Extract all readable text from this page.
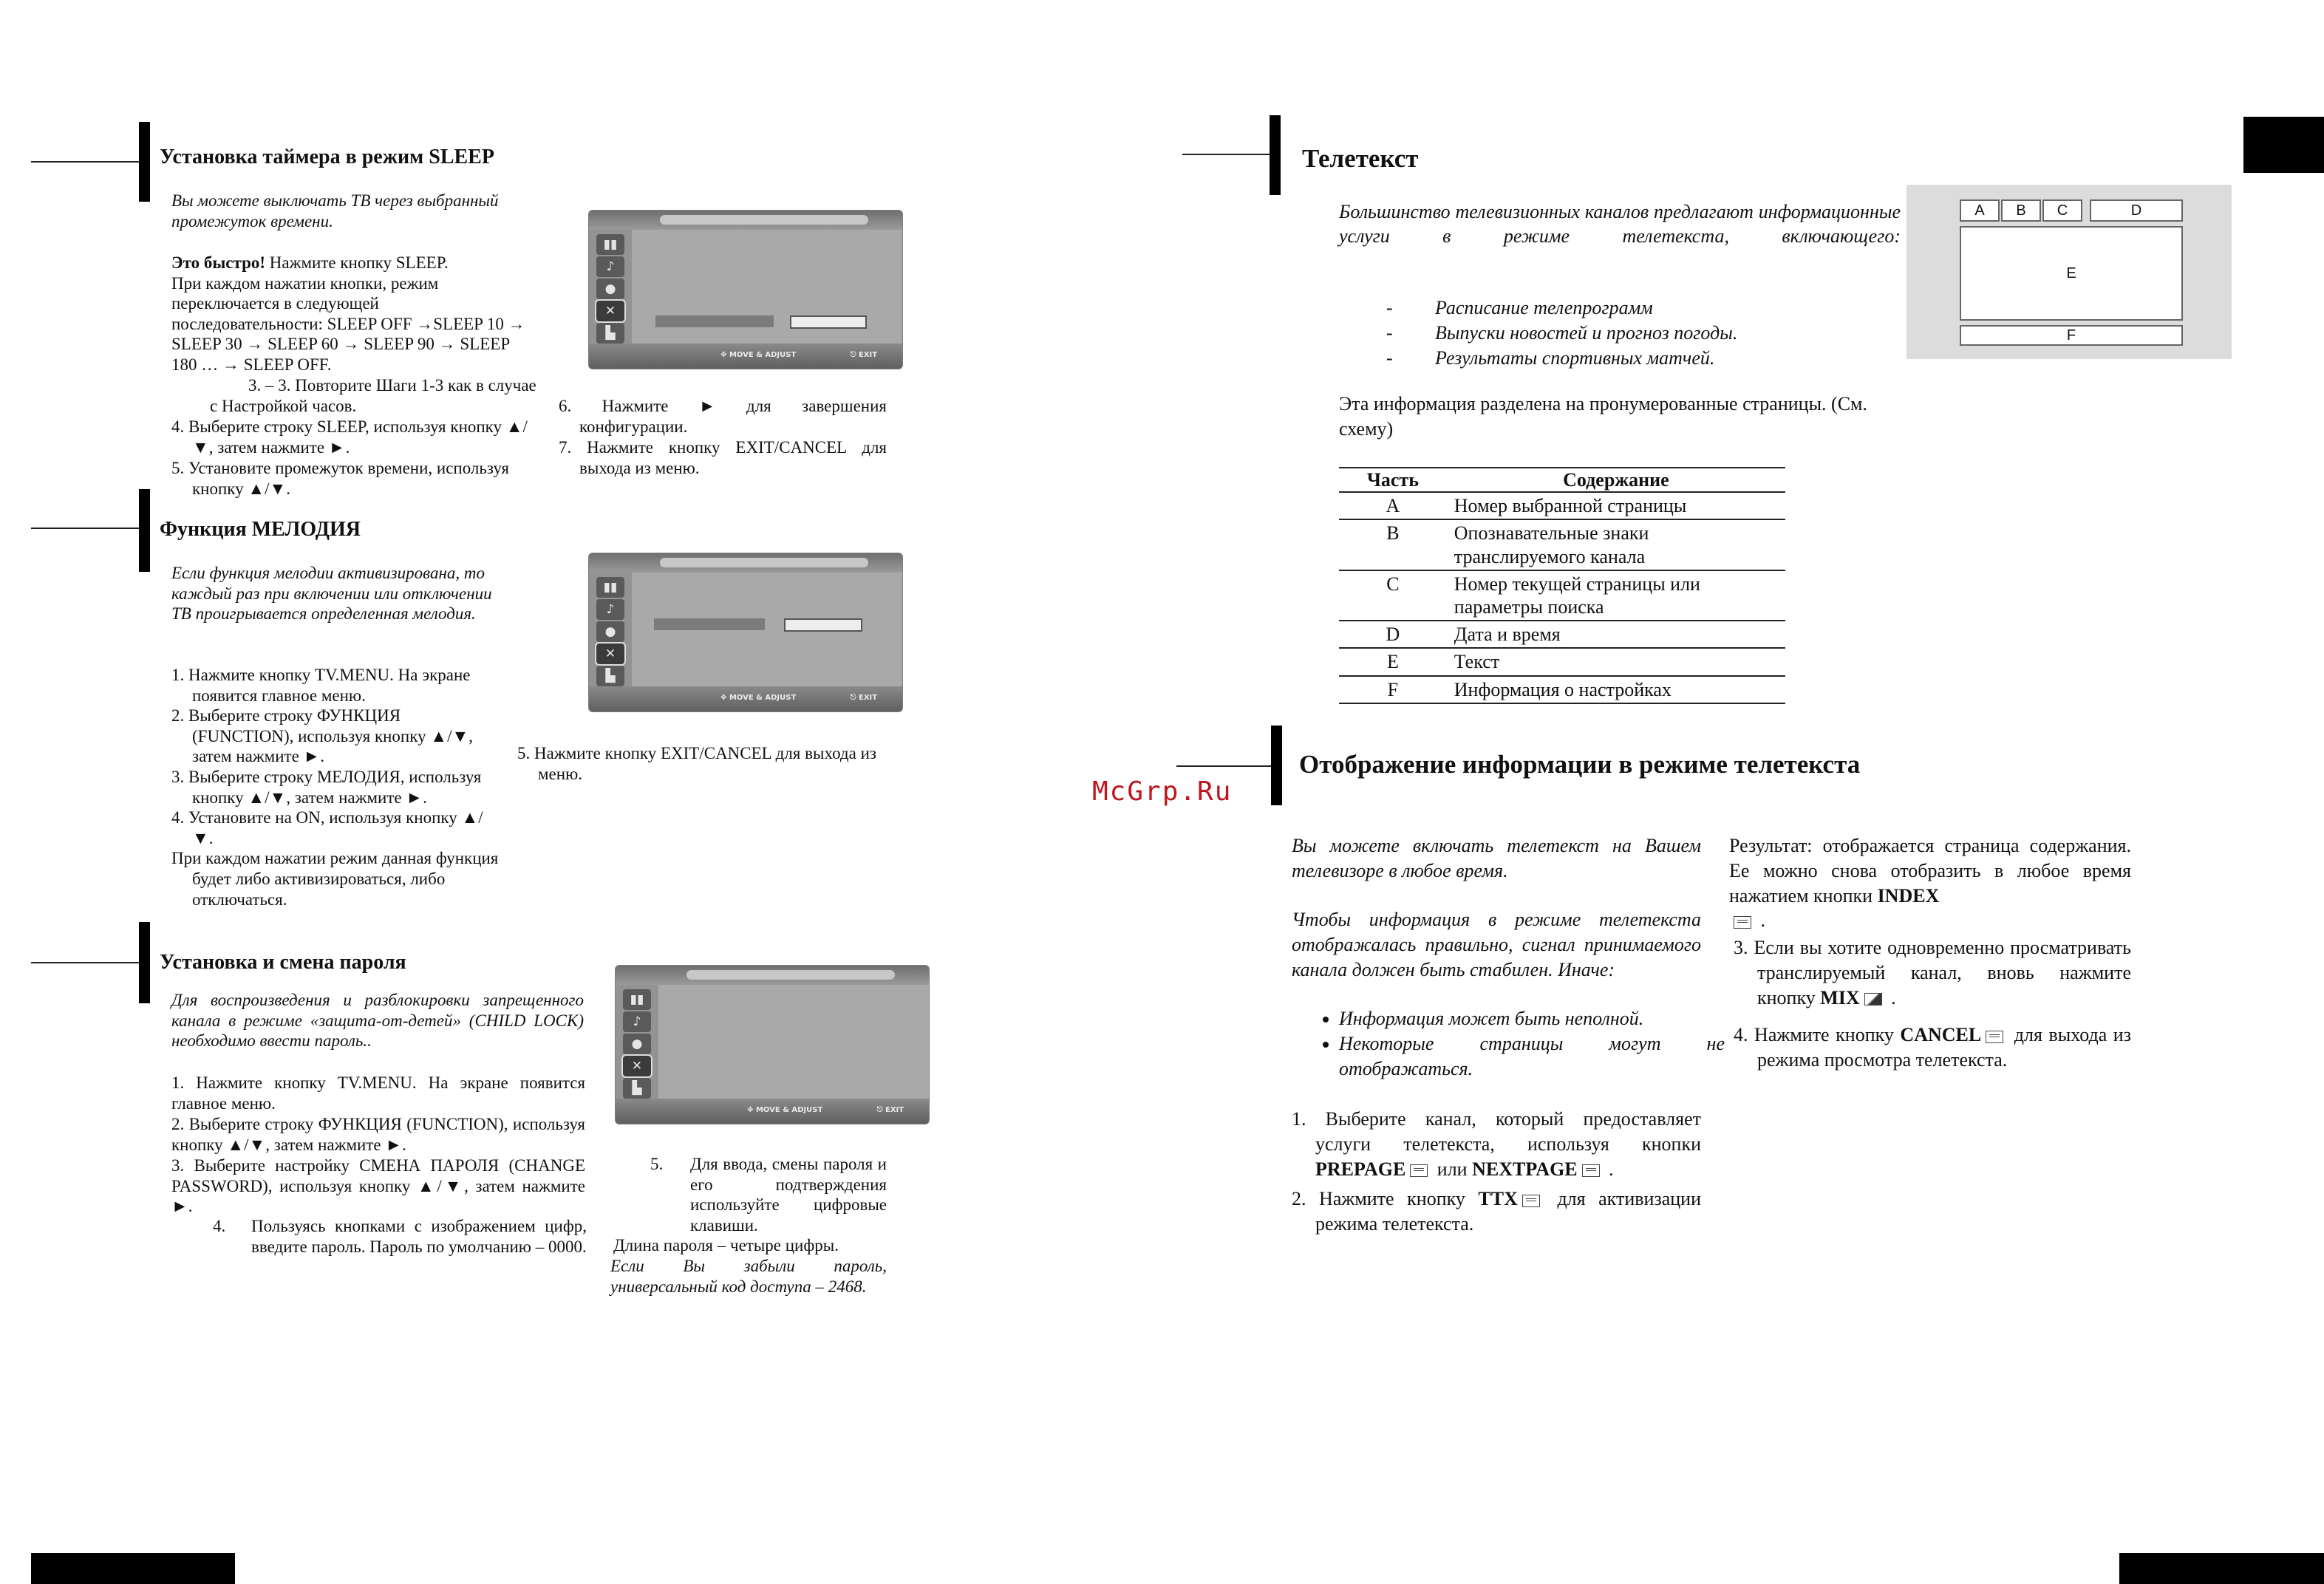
Установка таймера в режим SLEEP
Вы можете выключать ТВ через выбранный промежуток времени.
Это быстро! Нажмите кнопку SLEEP.
При каждом нажатии кнопки, режим переключается в следующей последовательности: SLEEP OFF →SLEEP 10 → SLEEP 30 → SLEEP 60 → SLEEP 90 → SLEEP 180 … → SLEEP OFF.
3. – 3. Повторите Шаги 1-3 как в случае с Настройкой часов.
4. Выберите строку SLEEP, используя кнопку ▲/▼, затем нажмите ►.
5. Установите промежуток времени, используя кнопку ▲/▼.
6. Нажмите ► для завершения конфигурации.
7. Нажмите кнопку EXIT/CANCEL для выхода из меню.
▮▮
♪
●
✕
▙
✥ MOVE & ADJUST	⎋ EXIT
Функция МЕЛОДИЯ
Если функция мелодии активизирована, то каждый раз при включении или отключении ТВ проигрывается определенная мелодия.
1. Нажмите кнопку TV.MENU. На экране появится главное меню.
2. Выберите строку ФУНКЦИЯ (FUNCTION), используя кнопку ▲/▼, затем нажмите ►.
3. Выберите строку МЕЛОДИЯ, используя кнопку ▲/▼, затем нажмите ►.
4. Установите на ON, используя кнопку ▲/▼.
При каждом нажатии режим данная функция будет либо активизироваться, либо отключаться.
5. Нажмите кнопку EXIT/CANCEL для выхода из меню.
▮▮
♪
●
✕
▙
✥ MOVE & ADJUST	⎋ EXIT
Установка и смена пароля
Для воспроизведения и разблокировки запрещенного канала в режиме «защита-от-детей» (CHILD LOCK) необходимо ввести пароль..
1. Нажмите кнопку TV.MENU. На экране появится главное меню.
2. Выберите строку ФУНКЦИЯ (FUNCTION), используя кнопку ▲/▼, затем нажмите ►.
3. Выберите настройку СМЕНА ПАРОЛЯ (CHANGE PASSWORD), используя кнопку ▲/▼, затем нажмите ►.
4. Пользуясь кнопками с изображением цифр, введите пароль. Пароль по умолчанию – 0000.
5. Для ввода, смены пароля и его подтверждения используйте цифровые клавиши.
Длина пароля – четыре цифры.
Если Вы забыли пароль, универсальный код доступа – 2468.
▮▮
♪
●
✕
▙
✥ MOVE & ADJUST	⎋ EXIT
Телетекст
Большинство телевизионных каналов предлагают информационные услуги в режиме телетекста, включающего:
- Расписание телепрограмм
- Выпуски новостей и прогноз погоды.
- Результаты спортивных матчей.
Эта информация разделена на пронумерованные страницы. (См. схему)
A	B	C	D
E
F
Часть	Содержание
A	Номер выбранной страницы
B	Опознавательные знаки транслируемого канала
C	Номер текущей страницы или параметры поиска
D	Дата и время
E	Текст
F	Информация о настройках
McGrp.Ru
Отображение информации в режиме телетекста
Вы можете включать телетекст на Вашем телевизоре в любое время.
Чтобы информация в режиме телетекста отображалась правильно, сигнал принимаемого канала должен быть стабилен. Иначе:
• Информация может быть неполной.
• Некоторые страницы могут не отображаться.
1. Выберите канал, который предоставляет услуги телетекста, используя кнопки PREPAGE или NEXTPAGE .
2. Нажмите кнопку TTX для активизации режима телетекста.
Результат: отображается страница содержания. Ее можно снова отобразить в любое время нажатием кнопки INDEX
.
3. Если вы хотите одновременно просматривать транслируемый канал, вновь нажмите кнопку MIX .
4. Нажмите кнопку CANCEL для выхода из режима просмотра телетекста.
